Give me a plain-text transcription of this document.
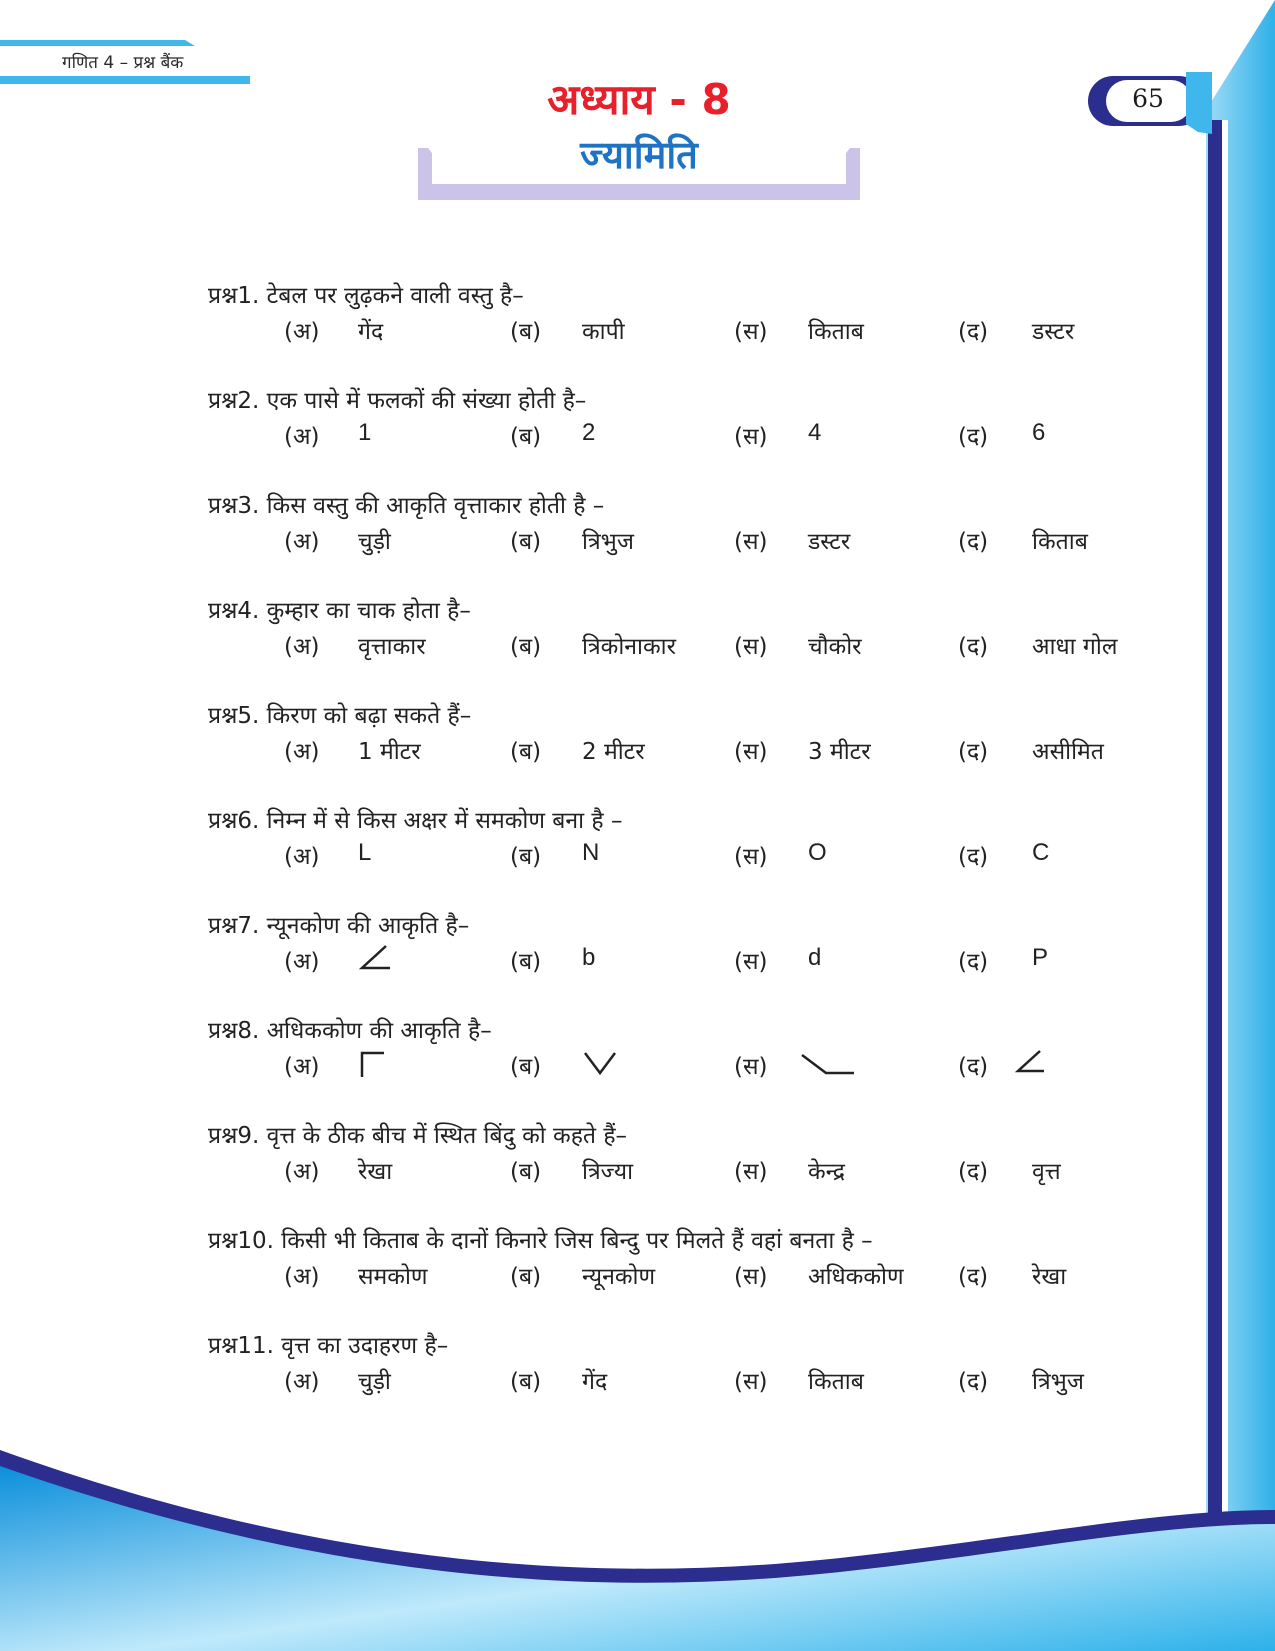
गणित 4 – प्रश्न बैंक
अध्याय - 8
ज्यामिति
65
प्रश्न1. टेबल पर लुढ़कने वाली वस्तु है–
(अ) गेंद	(ब) कापी	(स) किताब	(द) डस्टर
प्रश्न2. एक पासे में फलकों की संख्या होती है–
(अ) 1	(ब) 2	(स) 4	(द) 6
प्रश्न3. किस वस्तु की आकृति वृत्ताकार होती है –
(अ) चुड़ी	(ब) त्रिभुज	(स) डस्टर	(द) किताब
प्रश्न4. कुम्हार का चाक होता है–
(अ) वृत्ताकार	(ब) त्रिकोनाकार	(स) चौकोर	(द) आधा गोल
प्रश्न5. किरण को बढ़ा सकते हैं–
(अ) 1 मीटर	(ब) 2 मीटर	(स) 3 मीटर	(द) असीमित
प्रश्न6. निम्न में से किस अक्षर में समकोण बना है –
(अ) L	(ब) N	(स) O	(द) C
प्रश्न7. न्यूनकोण की आकृति है–
(अ)	(ब) b	(स) d	(द) P
प्रश्न8. अधिककोण की आकृति है–
(अ)	(ब)	(स)	(द)
प्रश्न9. वृत्त के ठीक बीच में स्थित बिंदु को कहते हैं–
(अ) रेखा	(ब) त्रिज्या	(स) केन्द्र	(द) वृत्त
प्रश्न10. किसी भी किताब के दानों किनारे जिस बिन्दु पर मिलते हैं वहां बनता है –
(अ) समकोण	(ब) न्यूनकोण	(स) अधिककोण (द) रेखा
प्रश्न11. वृत्त का उदाहरण है–
(अ) चुड़ी	(ब) गेंद	(स) किताब	(द) त्रिभुज
